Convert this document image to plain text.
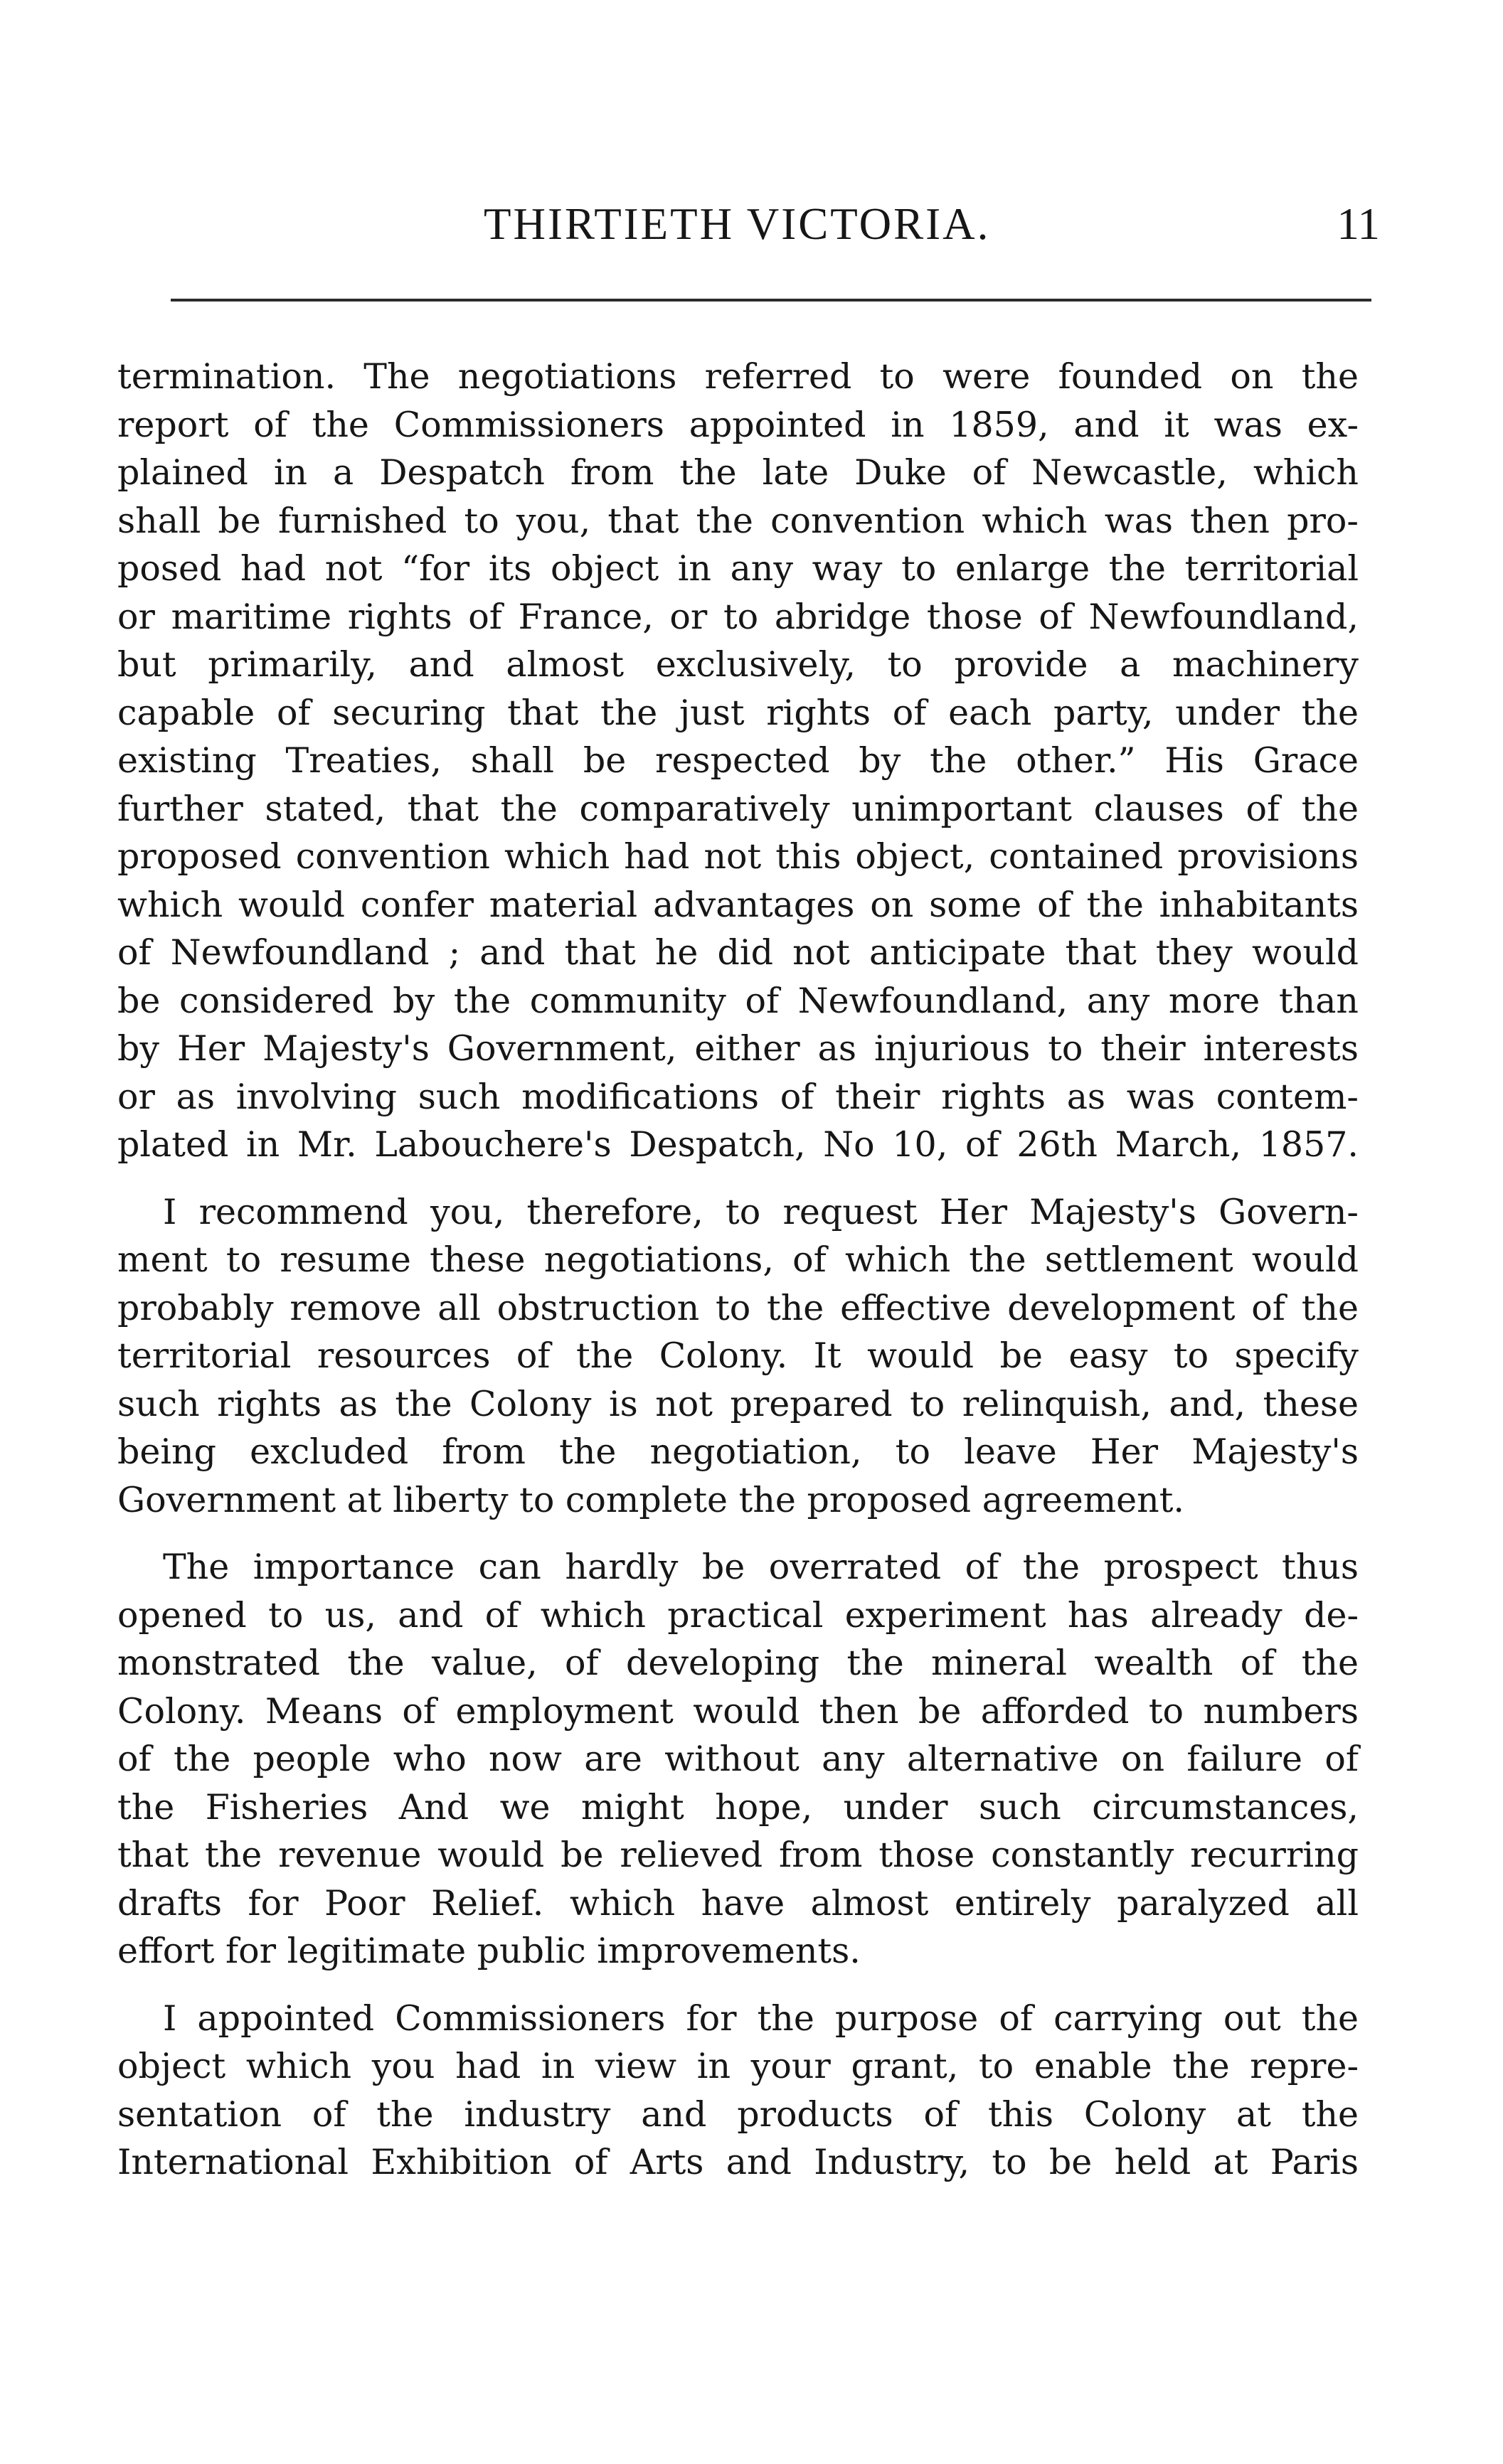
THIRTIETH VICTORIA.	11
termination. The negotiations referred to were founded on the
report of the Commissioners appointed in 1859, and it was ex-
plained in a Despatch from the late Duke of Newcastle, which
shall be furnished to you, that the convention which was then pro-
posed had not “for its object in any way to enlarge the territorial
or maritime rights of France, or to abridge those of Newfoundland,
but primarily, and almost exclusively, to provide a machinery
capable of securing that the just rights of each party, under the
existing Treaties, shall be respected by the other.” His Grace
further stated, that the comparatively unimportant clauses of the
proposed convention which had not this object, contained provisions
which would confer material advantages on some of the inhabitants
of Newfoundland ; and that he did not anticipate that they would
be considered by the community of Newfoundland, any more than
by Her Majesty's Government, either as injurious to their interests
or as involving such modifications of their rights as was contem-
plated in Mr. Labouchere's Despatch, No 10, of 26th March, 1857.
I recommend you, therefore, to request Her Majesty's Govern-
ment to resume these negotiations, of which the settlement would
probably remove all obstruction to the effective development of the
territorial resources of the Colony. It would be easy to specify
such rights as the Colony is not prepared to relinquish, and, these
being excluded from the negotiation, to leave Her Majesty's
Government at liberty to complete the proposed agreement.
The importance can hardly be overrated of the prospect thus
opened to us, and of which practical experiment has already de-
monstrated the value, of developing the mineral wealth of the
Colony. Means of employment would then be afforded to numbers
of the people who now are without any alternative on failure of
the Fisheries And we might hope, under such circumstances,
that the revenue would be relieved from those constantly recurring
drafts for Poor Relief. which have almost entirely paralyzed all
effort for legitimate public improvements.
I appointed Commissioners for the purpose of carrying out the
object which you had in view in your grant, to enable the repre-
sentation of the industry and products of this Colony at the
International Exhibition of Arts and Industry, to be held at Paris
